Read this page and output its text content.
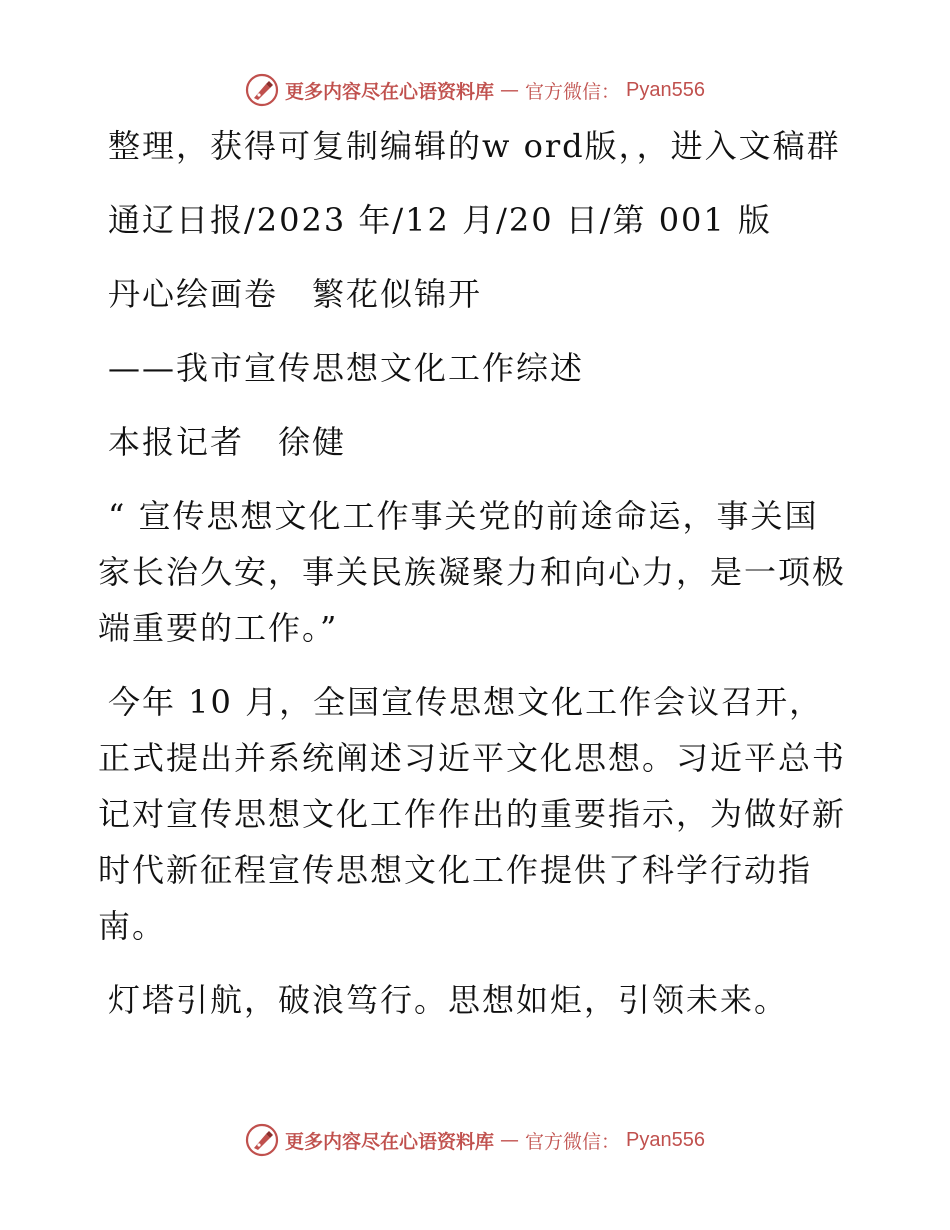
更多内容尽在心语资料库 — 官方微信： Pyan556

整理，获得可复制编辑的w ord版，，进入文稿群

通辽日报/2023 年/12 月/20 日/第 001 版

丹心绘画卷　繁花似锦开

——我市宣传思想文化工作综述

本报记者　徐健

“ 宣传思想文化工作事关党的前途命运，事关国家长治久安，事关民族凝聚力和向心力，是一项极端重要的工作。”

今年 10 月，全国宣传思想文化工作会议召开，正式提出并系统阐述习近平文化思想。习近平总书记对宣传思想文化工作作出的重要指示，为做好新时代新征程宣传思想文化工作提供了科学行动指南。

灯塔引航，破浪笃行。思想如炬，引领未来。

更多内容尽在心语资料库 — 官方微信： Pyan556
